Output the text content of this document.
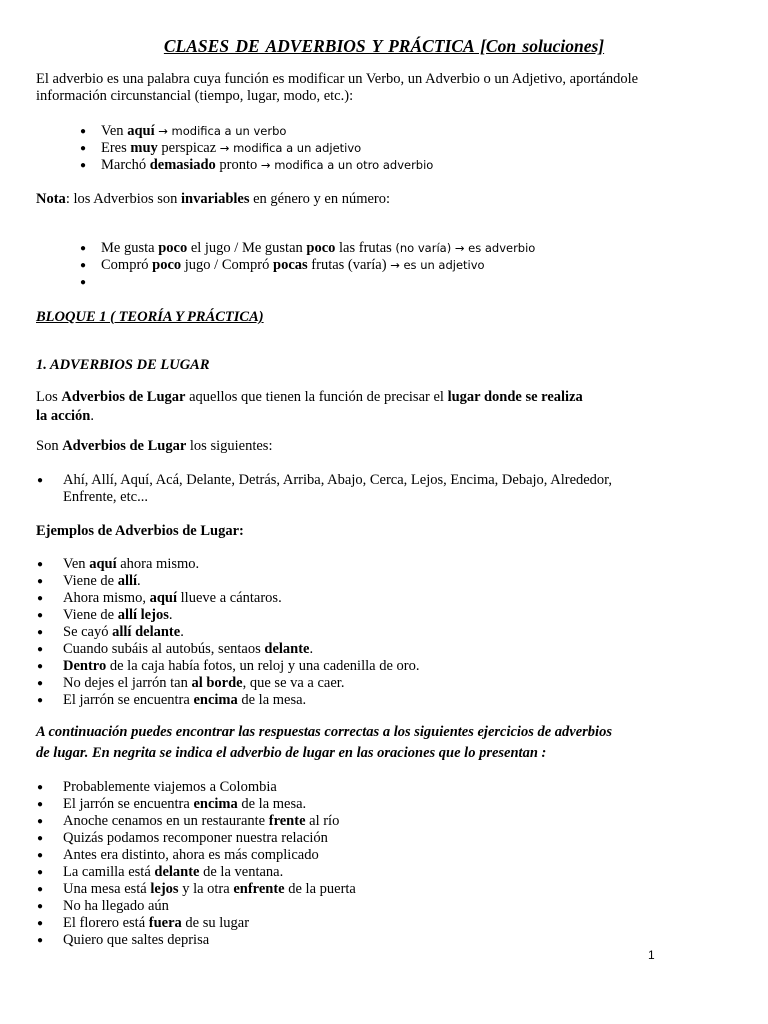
CLASES DE ADVERBIOS Y PRÁCTICA [Con soluciones]

El adverbio es una palabra cuya función es modificar un Verbo, un Adverbio o un Adjetivo, aportándole
información circunstancial (tiempo, lugar, modo, etc.):

● Ven aquí → modifica a un verbo
● Eres muy perspicaz → modifica a un adjetivo
● Marchó demasiado pronto → modifica a un otro adverbio

Nota: los Adverbios son invariables en género y en número:

● Me gusta poco el jugo / Me gustan poco las frutas (no varía) → es adverbio
● Compró poco jugo / Compró pocas frutas (varía) → es un adjetivo
●

BLOQUE 1 ( TEORÍA Y PRÁCTICA)
1. ADVERBIOS DE LUGAR

Los Adverbios de Lugar aquellos que tienen la función de precisar el lugar donde se realiza
la acción.

Son Adverbios de Lugar los siguientes:

● Ahí, Allí, Aquí, Acá, Delante, Detrás, Arriba, Abajo, Cerca, Lejos, Encima, Debajo, Alrededor,
Enfrente, etc...
Ejemplos de Adverbios de Lugar:
● Ven aquí ahora mismo.
● Viene de allí.
● Ahora mismo, aquí llueve a cántaros.
● Viene de allí lejos.
● Se cayó allí delante.
● Cuando subáis al autobús, sentaos delante.
● Dentro de la caja había fotos, un reloj y una cadenilla de oro.
● No dejes el jarrón tan al borde, que se va a caer.
● El jarrón se encuentra encima de la mesa.

A continuación puedes encontrar las respuestas correctas a los siguientes ejercicios de adverbios
de lugar. En negrita se indica el adverbio de lugar en las oraciones que lo presentan :

● Probablemente viajemos a Colombia
● El jarrón se encuentra encima de la mesa.
● Anoche cenamos en un restaurante frente al río
● Quizás podamos recomponer nuestra relación
● Antes era distinto, ahora es más complicado
● La camilla está delante de la ventana.
● Una mesa está lejos y la otra enfrente de la puerta
● No ha llegado aún
● El florero está fuera de su lugar
● Quiero que saltes deprisa
1
